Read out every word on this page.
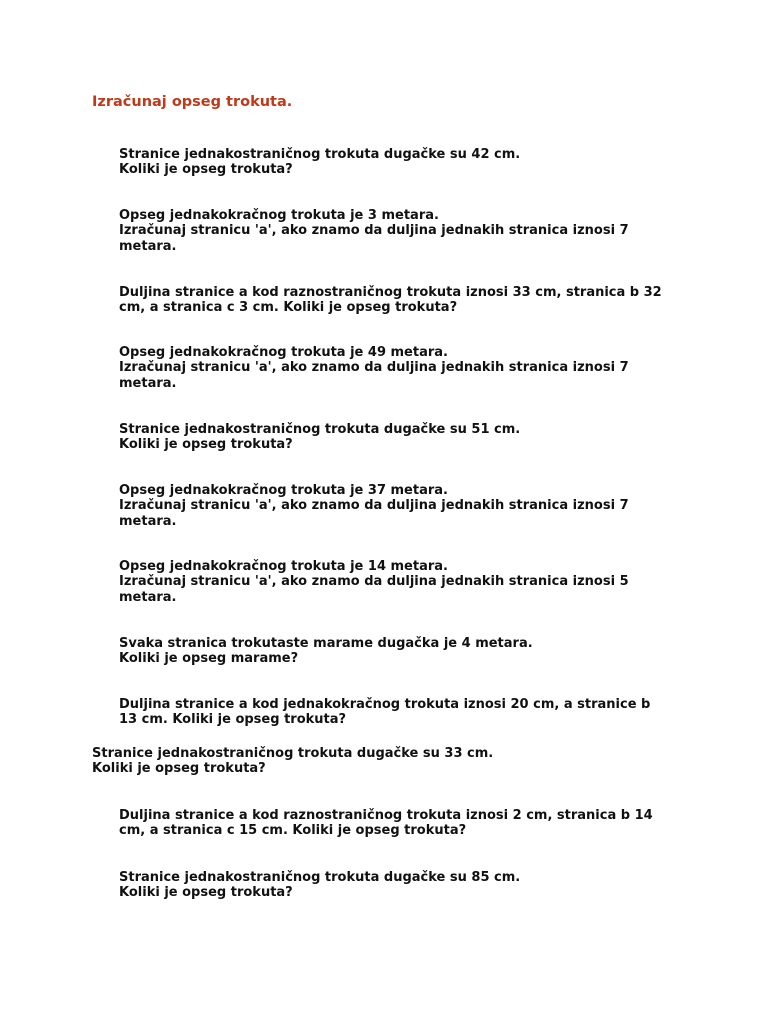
Izračunaj opseg trokuta.

Stranice jednakostraničnog trokuta dugačke su 42 cm.
Koliki je opseg trokuta?

Opseg jednakokračnog trokuta je 3 metara.
Izračunaj stranicu 'a', ako znamo da duljina jednakih stranica iznosi 7
metara.

Duljina stranice a kod raznostraničnog trokuta iznosi 33 cm, stranica b 32
cm, a stranica c 3 cm. Koliki je opseg trokuta?

Opseg jednakokračnog trokuta je 49 metara.
Izračunaj stranicu 'a', ako znamo da duljina jednakih stranica iznosi 7
metara.

Stranice jednakostraničnog trokuta dugačke su 51 cm.
Koliki je opseg trokuta?

Opseg jednakokračnog trokuta je 37 metara.
Izračunaj stranicu 'a', ako znamo da duljina jednakih stranica iznosi 7
metara.

Opseg jednakokračnog trokuta je 14 metara.
Izračunaj stranicu 'a', ako znamo da duljina jednakih stranica iznosi 5
metara.

Svaka stranica trokutaste marame dugačka je 4 metara.
Koliki je opseg marame?

Duljina stranice a kod jednakokračnog trokuta iznosi 20 cm, a stranice b
13 cm. Koliki je opseg trokuta?

Stranice jednakostraničnog trokuta dugačke su 33 cm.
Koliki je opseg trokuta?

Duljina stranice a kod raznostraničnog trokuta iznosi 2 cm, stranica b 14
cm, a stranica c 15 cm. Koliki je opseg trokuta?

Stranice jednakostraničnog trokuta dugačke su 85 cm.
Koliki je opseg trokuta?
